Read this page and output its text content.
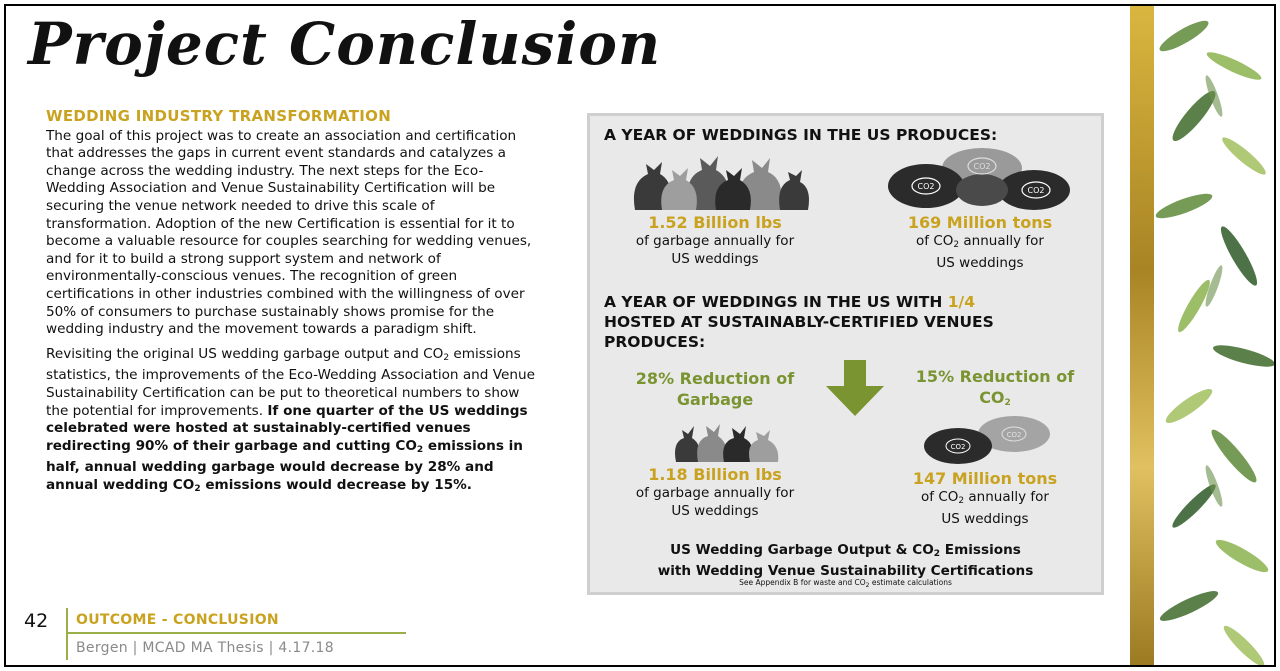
Project Conclusion
WEDDING INDUSTRY TRANSFORMATION

The goal of this project was to create an association and certification that addresses the gaps in current event standards and catalyzes a change across the wedding industry. The next steps for the Eco-Wedding Association and Venue Sustainability Certification will be securing the venue network needed to drive this scale of transformation. Adoption of the new Certification is essential for it to become a valuable resource for couples searching for wedding venues, and for it to build a strong support system and network of environmentally-conscious venues. The recognition of green certifications in other industries combined with the willingness of over 50% of consumers to purchase sustainably shows promise for the wedding industry and the movement towards a paradigm shift.

Revisiting the original US wedding garbage output and $CO_2$ emissions statistics, the improvements of the Eco-Wedding Association and Venue Sustainability Certification can be put to theoretical numbers to show the potential for improvements. If one quarter of the US weddings celebrated were hosted at sustainably-certified venues redirecting 90% of their garbage and cutting $CO_2$ emissions in half, annual wedding garbage would decrease by 28% and annual wedding $CO_2$ emissions would decrease by 15%.

42 OUTCOME - CONCLUSION
Bergen | MCAD MA Thesis | 4.17.18
A YEAR OF WEDDINGS IN THE US PRODUCES:
CO2
CO2
CO2
1.52 Billion lbs
of garbage annually for
US weddings
169 Million tons
of $CO_2$ annually for
US weddings
A YEAR OF WEDDINGS IN THE US WITH 1/4
HOSTED AT SUSTAINABLY-CERTIFIED VENUES
PRODUCES:
28% Reduction of
Garbage
15% Reduction of
$CO_2$
CO2
CO2
1.18 Billion lbs
of garbage annually for
US weddings
147 Million tons
of $CO_2$ annually for
US weddings
US Wedding Garbage Output & $CO_2$ Emissions
with Wedding Venue Sustainability Certifications
See Appendix B for waste and $CO_2$ estimate calculations
